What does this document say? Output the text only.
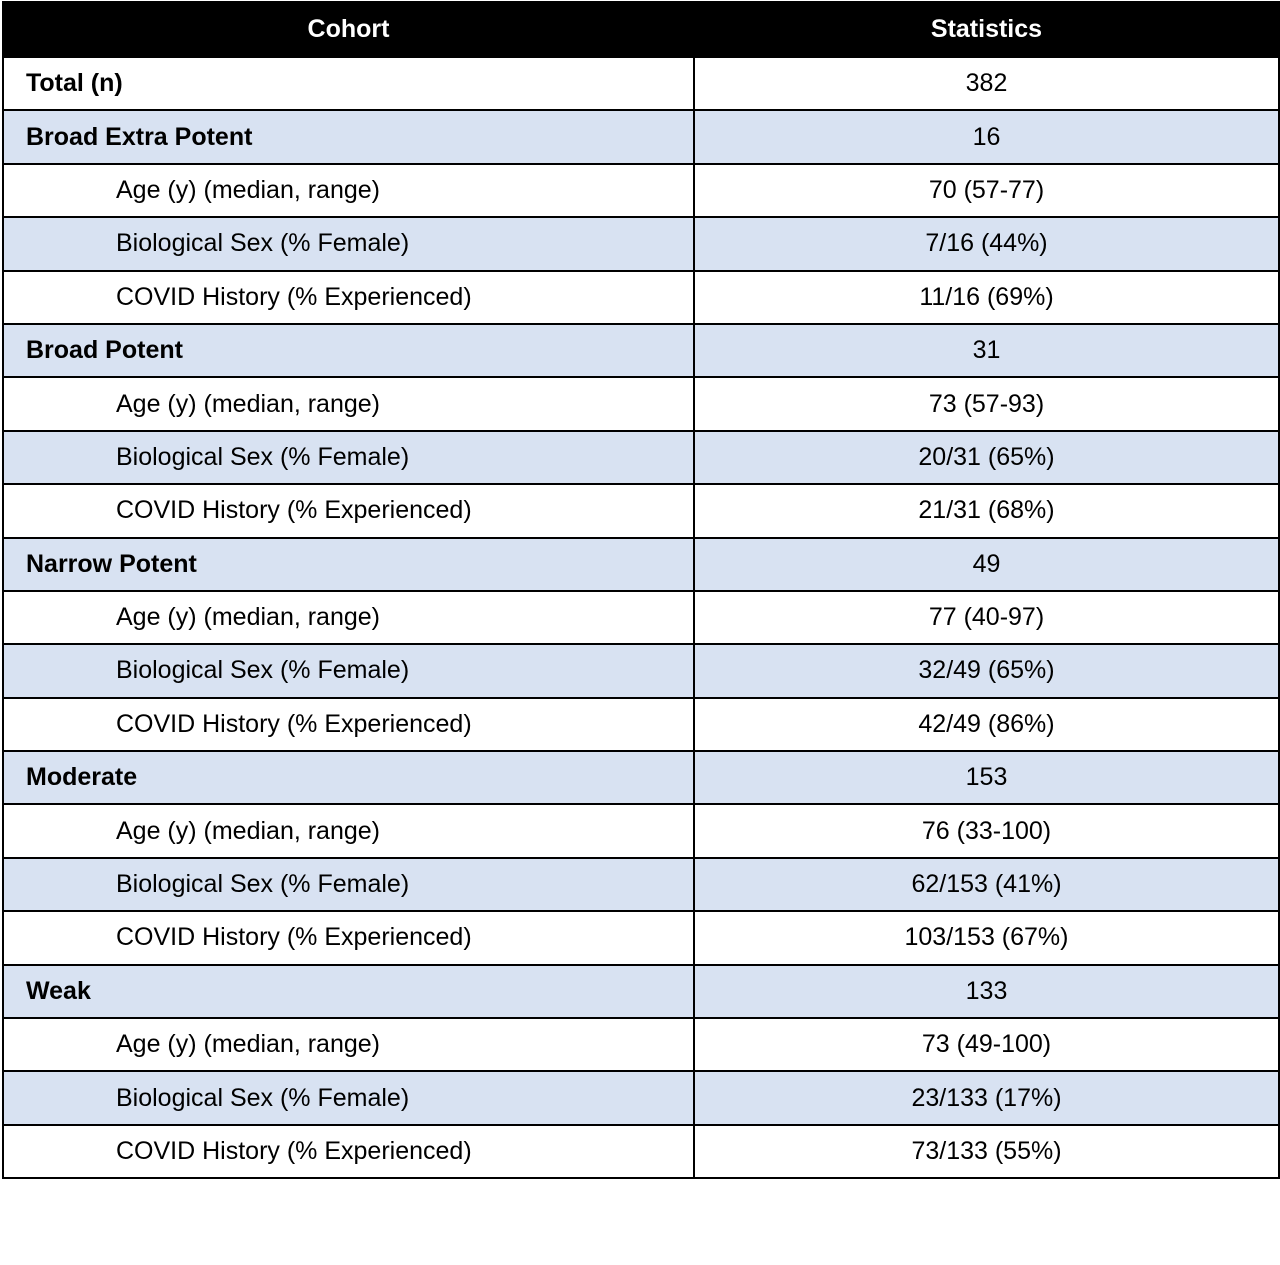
Cohort	Statistics
Total (n)	382
Broad Extra Potent	16
Age (y) (median, range)	70 (57-77)
Biological Sex (% Female)	7/16 (44%)
COVID History (% Experienced)	11/16 (69%)
Broad Potent	31
Age (y) (median, range)	73 (57-93)
Biological Sex (% Female)	20/31 (65%)
COVID History (% Experienced)	21/31 (68%)
Narrow Potent	49
Age (y) (median, range)	77 (40-97)
Biological Sex (% Female)	32/49 (65%)
COVID History (% Experienced)	42/49 (86%)
Moderate	153
Age (y) (median, range)	76 (33-100)
Biological Sex (% Female)	62/153 (41%)
COVID History (% Experienced)	103/153 (67%)
Weak	133
Age (y) (median, range)	73 (49-100)
Biological Sex (% Female)	23/133 (17%)
COVID History (% Experienced)	73/133 (55%)
